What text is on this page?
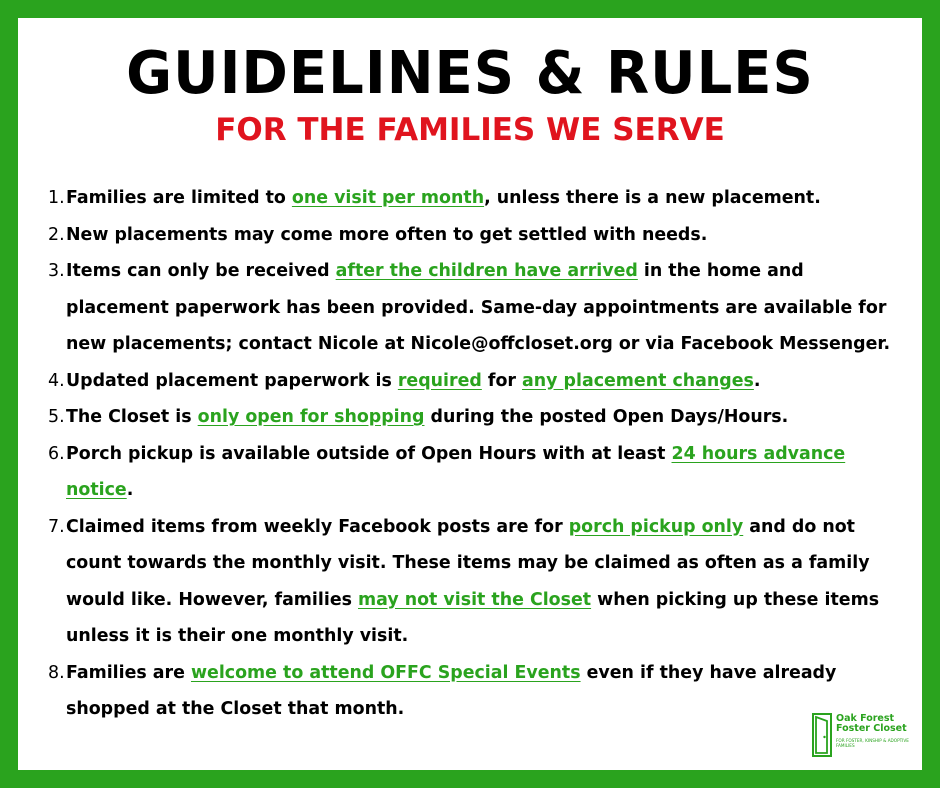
GUIDELINES & RULES
FOR THE FAMILIES WE SERVE
1. Families are limited to one visit per month, unless there is a new placement.
2. New placements may come more often to get settled with needs.
3. Items can only be received after the children have arrived in the home and placement paperwork has been provided. Same-day appointments are available for new placements; contact Nicole at Nicole@offcloset.org or via Facebook Messenger.
4. Updated placement paperwork is required for any placement changes.
5. The Closet is only open for shopping during the posted Open Days/Hours.
6. Porch pickup is available outside of Open Hours with at least 24 hours advance notice.
7. Claimed items from weekly Facebook posts are for porch pickup only and do not count towards the monthly visit. These items may be claimed as often as a family would like. However, families may not visit the Closet when picking up these items unless it is their one monthly visit.
8. Families are welcome to attend OFFC Special Events even if they have already shopped at the Closet that month.	Oak Forest
Foster Closet
FOR FOSTER, KINSHIP & ADOPTIVE FAMILIES
